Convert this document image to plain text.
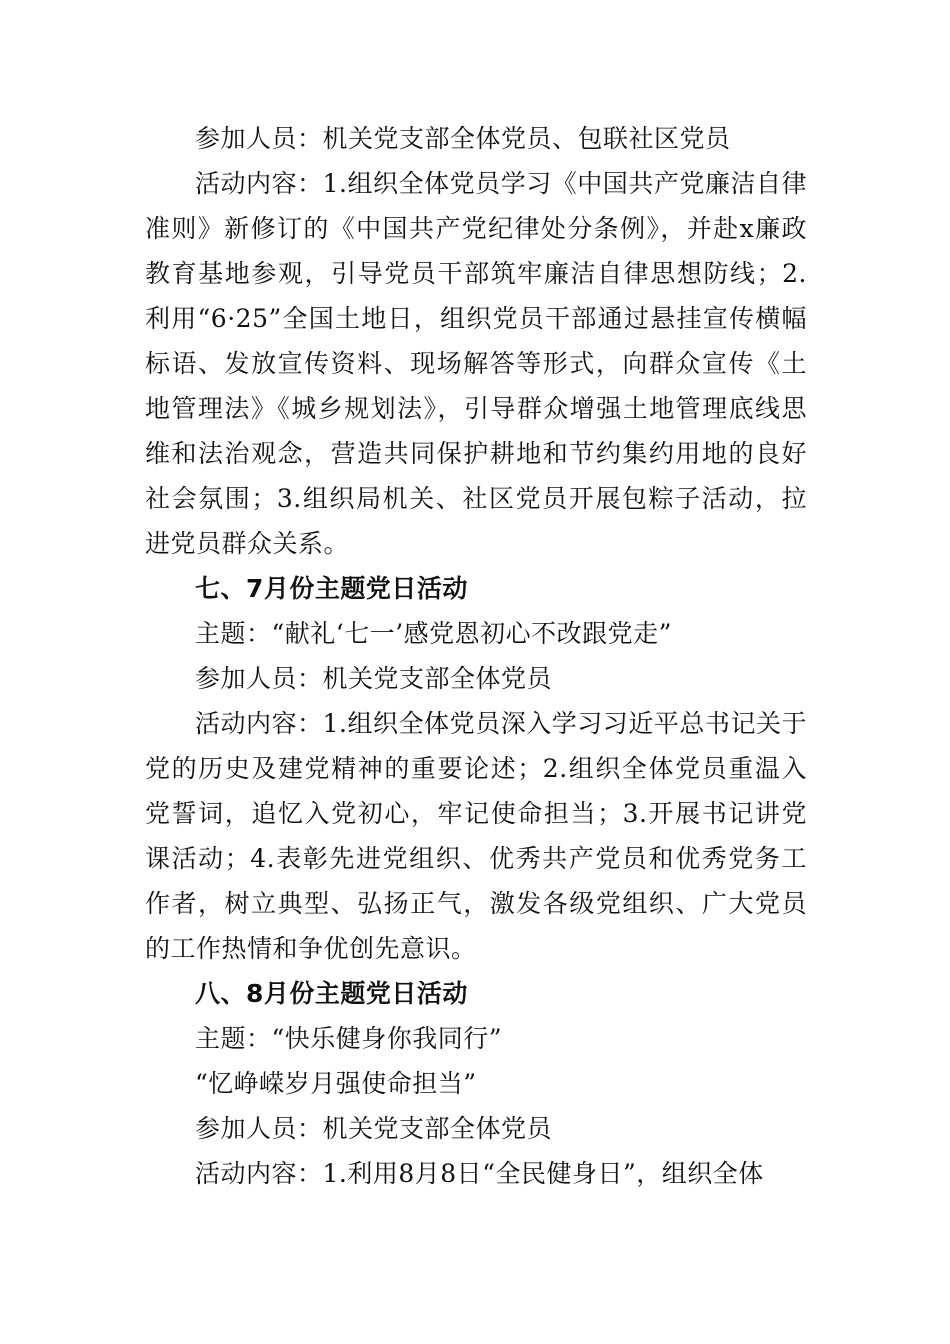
参加人员：机关党支部全体党员、包联社区党员

活动内容：1.组织全体党员学习《中国共产党廉洁自律准则》新修订的《中国共产党纪律处分条例》，并赴x廉政教育基地参观，引导党员干部筑牢廉洁自律思想防线；2.利用“6·25”全国土地日，组织党员干部通过悬挂宣传横幅标语、发放宣传资料、现场解答等形式，向群众宣传《土地管理法》《城乡规划法》，引导群众增强土地管理底线思维和法治观念，营造共同保护耕地和节约集约用地的良好社会氛围；3.组织局机关、社区党员开展包粽子活动，拉进党员群众关系。

七、7月份主题党日活动

主题：“献礼‘七一’感党恩初心不改跟党走”

参加人员：机关党支部全体党员

活动内容：1.组织全体党员深入学习习近平总书记关于党的历史及建党精神的重要论述；2.组织全体党员重温入党誓词，追忆入党初心，牢记使命担当；3.开展书记讲党课活动；4.表彰先进党组织、优秀共产党员和优秀党务工作者，树立典型、弘扬正气，激发各级党组织、广大党员的工作热情和争优创先意识。

八、8月份主题党日活动

主题：“快乐健身你我同行”

“忆峥嵘岁月强使命担当”

参加人员：机关党支部全体党员

活动内容：1.利用8月8日“全民健身日”，组织全体
